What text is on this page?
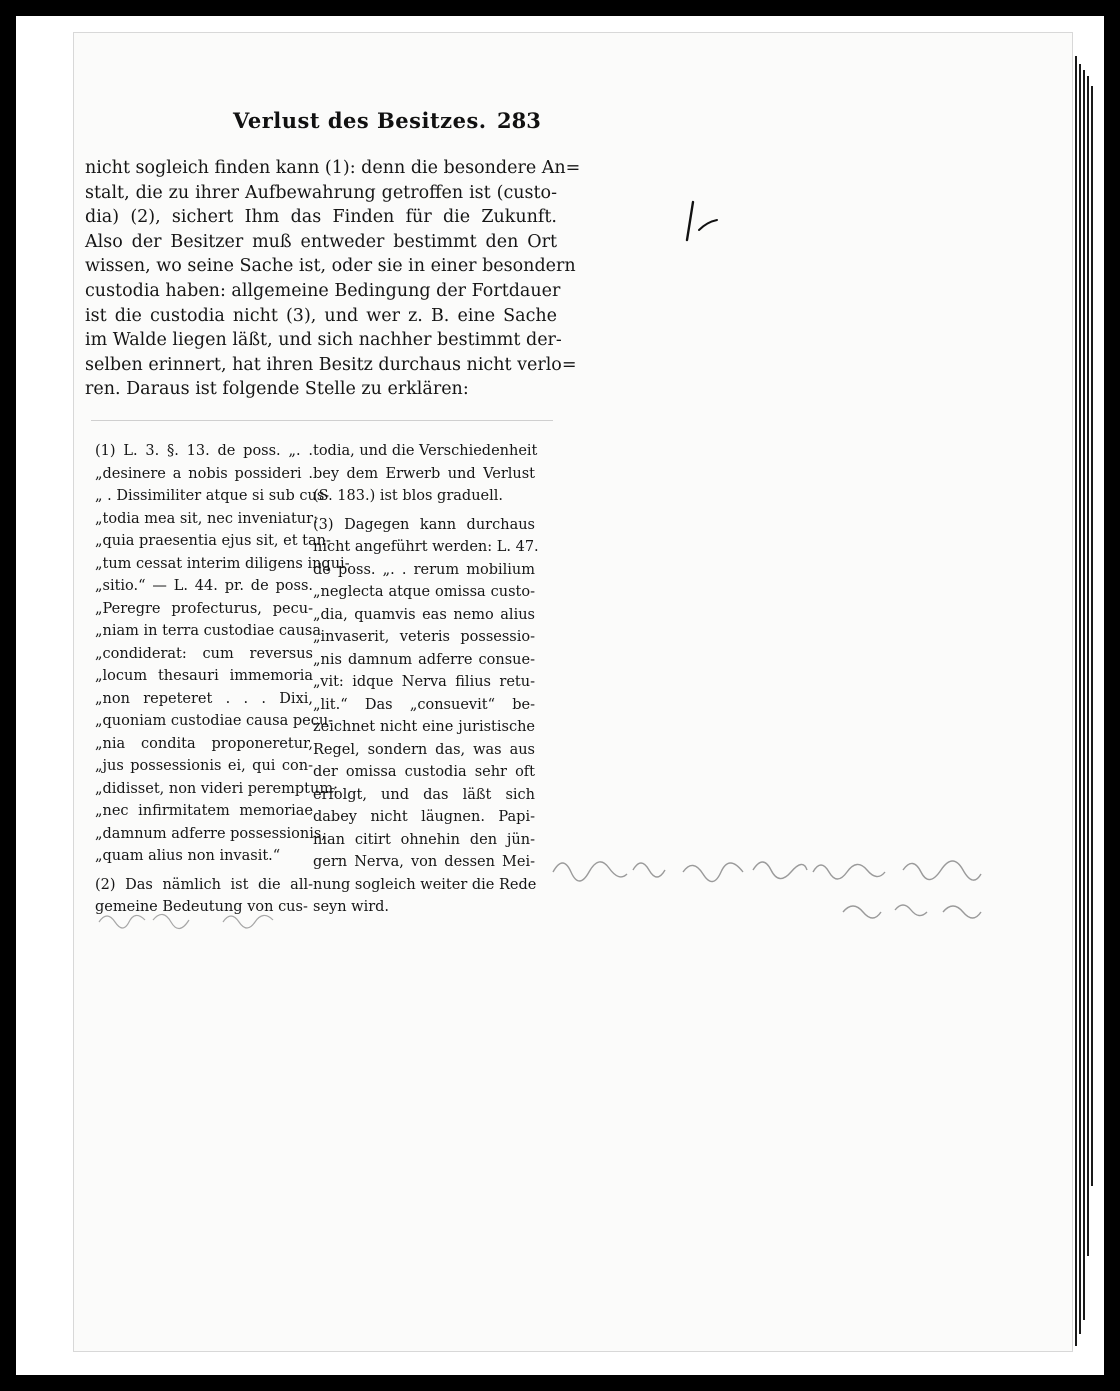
Verlust des Besitzes. 283
nicht sogleich finden kann (1): denn die besondere An=
stalt, die zu ihrer Aufbewahrung getroffen ist (custo-
dia) (2), sichert Ihm das Finden für die Zukunft.
Also der Besitzer muß entweder bestimmt den Ort
wissen, wo seine Sache ist, oder sie in einer besondern
custodia haben: allgemeine Bedingung der Fortdauer
ist die custodia nicht (3), und wer z. B. eine Sache
im Walde liegen läßt, und sich nachher bestimmt der-
selben erinnert, hat ihren Besitz durchaus nicht verlo=
ren. Daraus ist folgende Stelle zu erklären:
(1) L. 3. §. 13. de poss. „. .
„desinere a nobis possideri .
„ . Dissimiliter atque si sub cus-
„todia mea sit, nec inveniatur:
„quia praesentia ejus sit, et tan-
„tum cessat interim diligens inqui-
„sitio.“ — L. 44. pr. de poss.
„Peregre profecturus, pecu-
„niam in terra custodiae causa
„condiderat: cum reversus
„locum thesauri immemoria
„non repeteret . . . Dixi,
„quoniam custodiae causa pecu-
„nia condita proponeretur,
„jus possessionis ei, qui con-
„didisset, non videri peremptum:
„nec infirmitatem memoriae
„damnum adferre possessionis,
„quam alius non invasit.“
(2) Das nämlich ist die all-
gemeine Bedeutung von cus-
todia, und die Verschiedenheit
bey dem Erwerb und Verlust
(S. 183.) ist blos graduell.
(3) Dagegen kann durchaus
nicht angeführt werden: L. 47.
de poss. „. . rerum mobilium
„neglecta atque omissa custo-
„dia, quamvis eas nemo alius
„invaserit, veteris possessio-
„nis damnum adferre consue-
„vit: idque Nerva filius retu-
„lit.“ Das „consuevit“ be-
zeichnet nicht eine juristische
Regel, sondern das, was aus
der omissa custodia sehr oft
erfolgt, und das läßt sich
dabey nicht läugnen. Papi-
nian citirt ohnehin den jün-
gern Nerva, von dessen Mei-
nung sogleich weiter die Rede
seyn wird.
